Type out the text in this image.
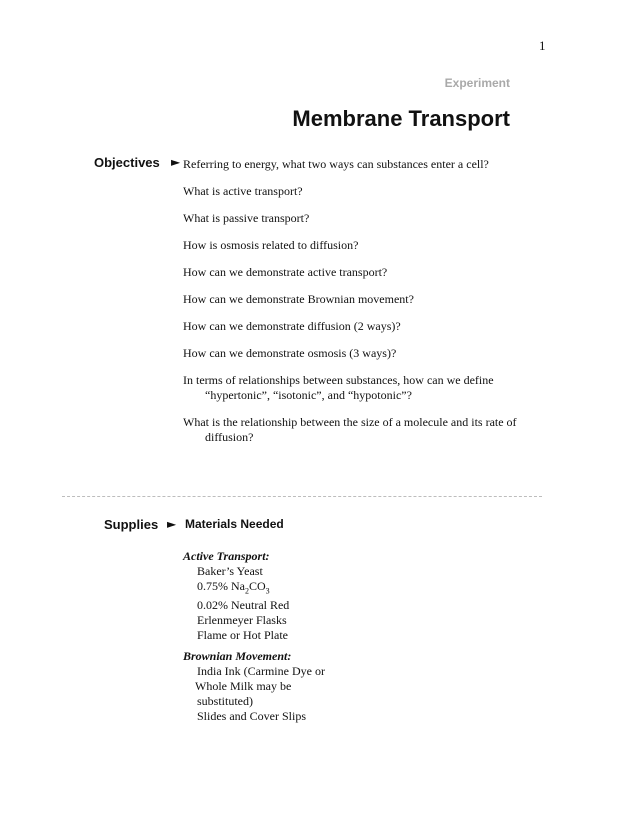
1
Experiment
Membrane Transport
Objectives ► Referring to energy, what two ways can substances enter a cell?
What is active transport?
What is passive transport?
How is osmosis related to diffusion?
How can we demonstrate active transport?
How can we demonstrate Brownian movement?
How can we demonstrate diffusion (2 ways)?
How can we demonstrate osmosis (3 ways)?
In terms of relationships between substances, how can we define
“hypertonic”, “isotonic”, and “hypotonic”?
What is the relationship between the size of a molecule and its rate of
diffusion?
Supplies ► Materials Needed
Active Transport:
Baker’s Yeast
0.75% $Na_2CO_3$
0.02% Neutral Red
Erlenmeyer Flasks
Flame or Hot Plate
Brownian Movement:
India Ink (Carmine Dye or
Whole Milk may be
substituted)
Slides and Cover Slips
